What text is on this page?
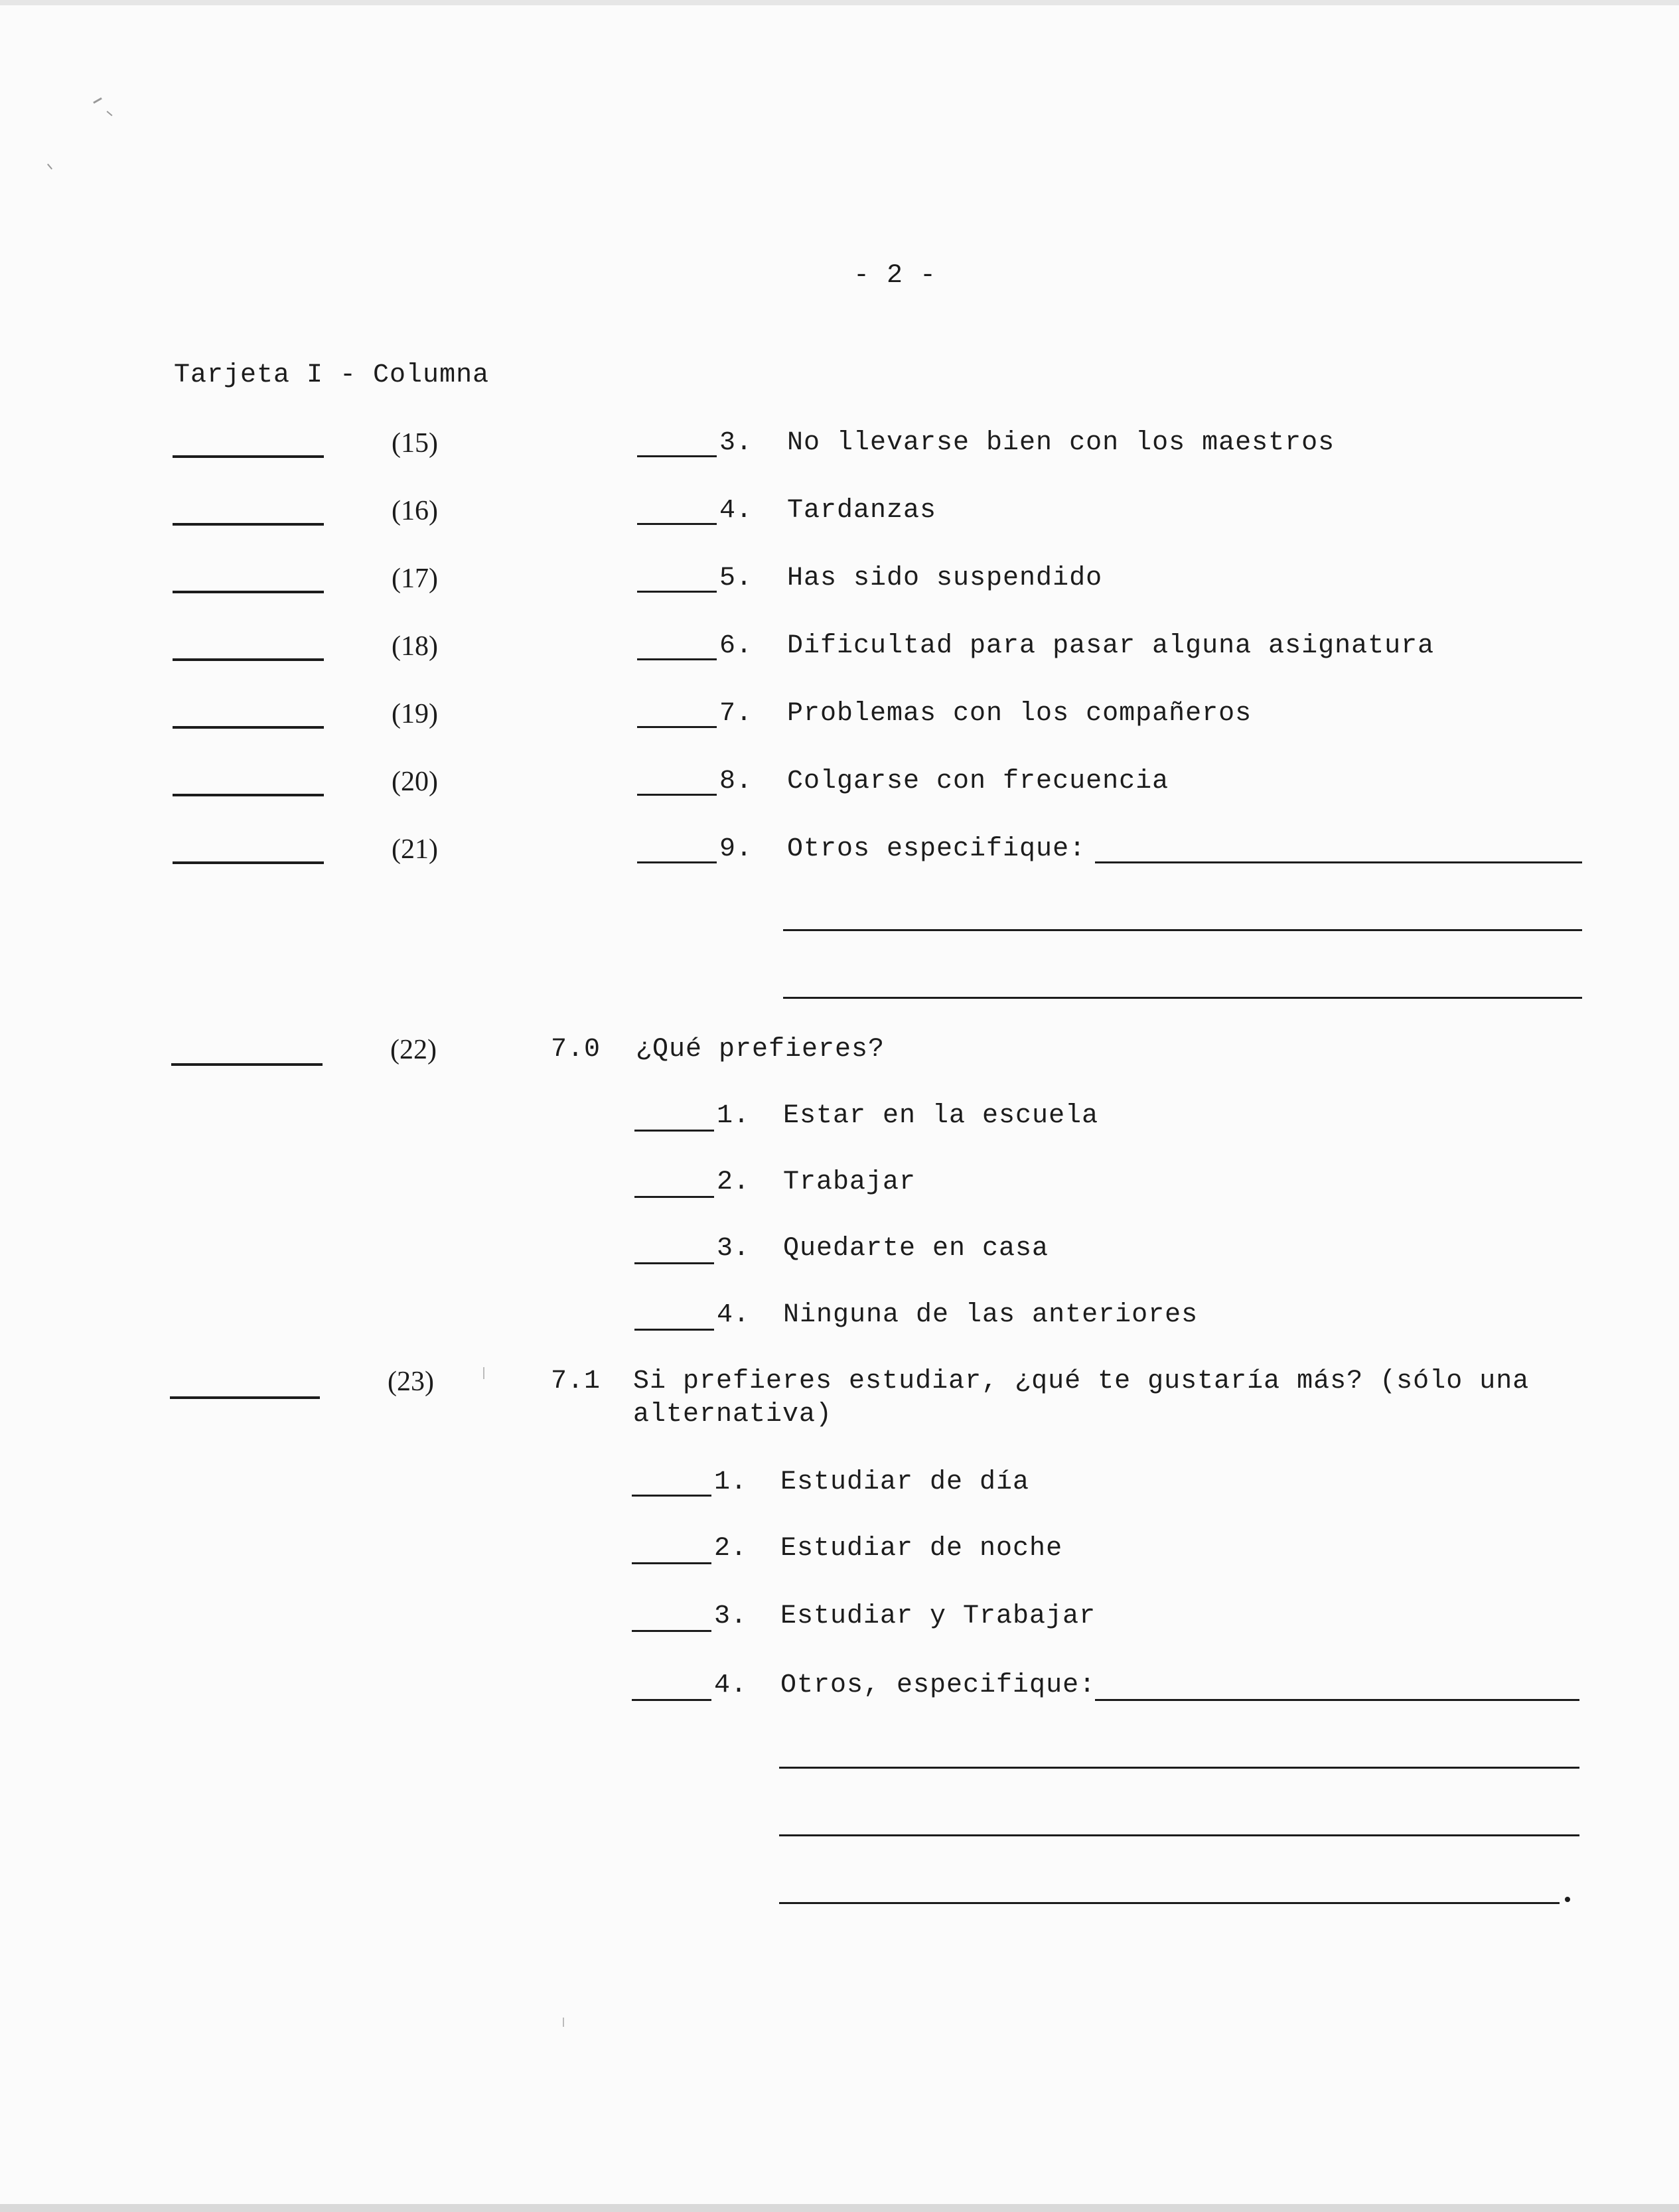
- 2 -
Tarjeta I - Columna
(15)	3. No llevarse bien con los maestros
(16)	4. Tardanzas
(17)	5. Has sido suspendido
(18)	6. Dificultad para pasar alguna asignatura
(19)	7. Problemas con los compañeros
(20)	8. Colgarse con frecuencia
(21)	9. Otros especifique:
(22)	7.0 ¿Qué prefieres?
1. Estar en la escuela
2. Trabajar
3. Quedarte en casa
4. Ninguna de las anteriores
(23)	7.1 Si prefieres estudiar, ¿qué te gustaría más? (sólo una
alternativa)
1. Estudiar de día
2. Estudiar de noche
3. Estudiar y Trabajar
4. Otros, especifique:
